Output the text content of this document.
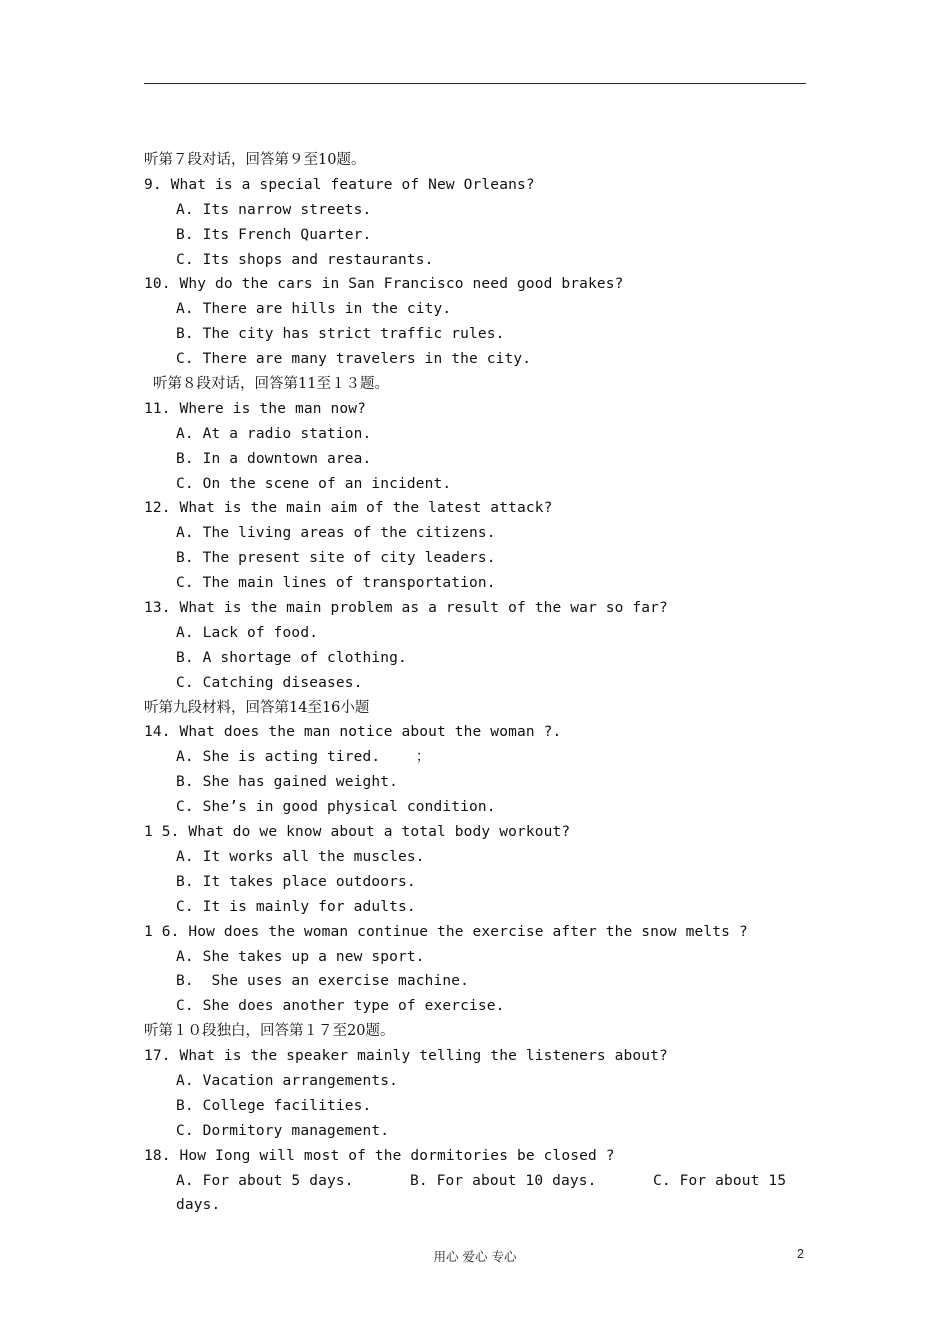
听第７段对话，回答第９至10题。
9. What is a special feature of New Orleans?
A. Its narrow streets.
B. Its French Quarter.
C. Its shops and restaurants.
10. Why do the cars in San Francisco need good brakes?
A. There are hills in the city.
B. The city has strict traffic rules.
C. There are many travelers in the city.
听第８段对话，回答第11至１３题。
11. Where is the man now?
A. At a radio station.
B. In a downtown area.
C. On the scene of an incident.
12. What is the main aim of the latest attack?
A. The living areas of the citizens.
B. The present site of city leaders.
C. The main lines of transportation.
13. What is the main problem as a result of the war so far?
A. Lack of food.
B. A shortage of clothing.
C. Catching diseases.
听第九段材料，回答第14至16小题
14. What does the man notice about the woman ?.
A. She is acting tired.    ；
B. She has gained weight.
C. She’s in good physical condition.
1 5. What do we know about a total body workout?
A. It works all the muscles.
B. It takes place outdoors.
C. It is mainly for adults.
1 6. How does the woman continue the exercise after the snow melts ?
A. She takes up a new sport.
B.  She uses an exercise machine.
C. She does another type of exercise.
听第１０段独白，回答第１７至20题。
17. What is the speaker mainly telling the listeners about?
A. Vacation arrangements.
B. College facilities.
C. Dormitory management.
18. How Iong will most of the dormitories be closed ?
A. For about 5 days.	B. For about 10 days.	C. For about 15
days.
用心 爱心 专心	2
